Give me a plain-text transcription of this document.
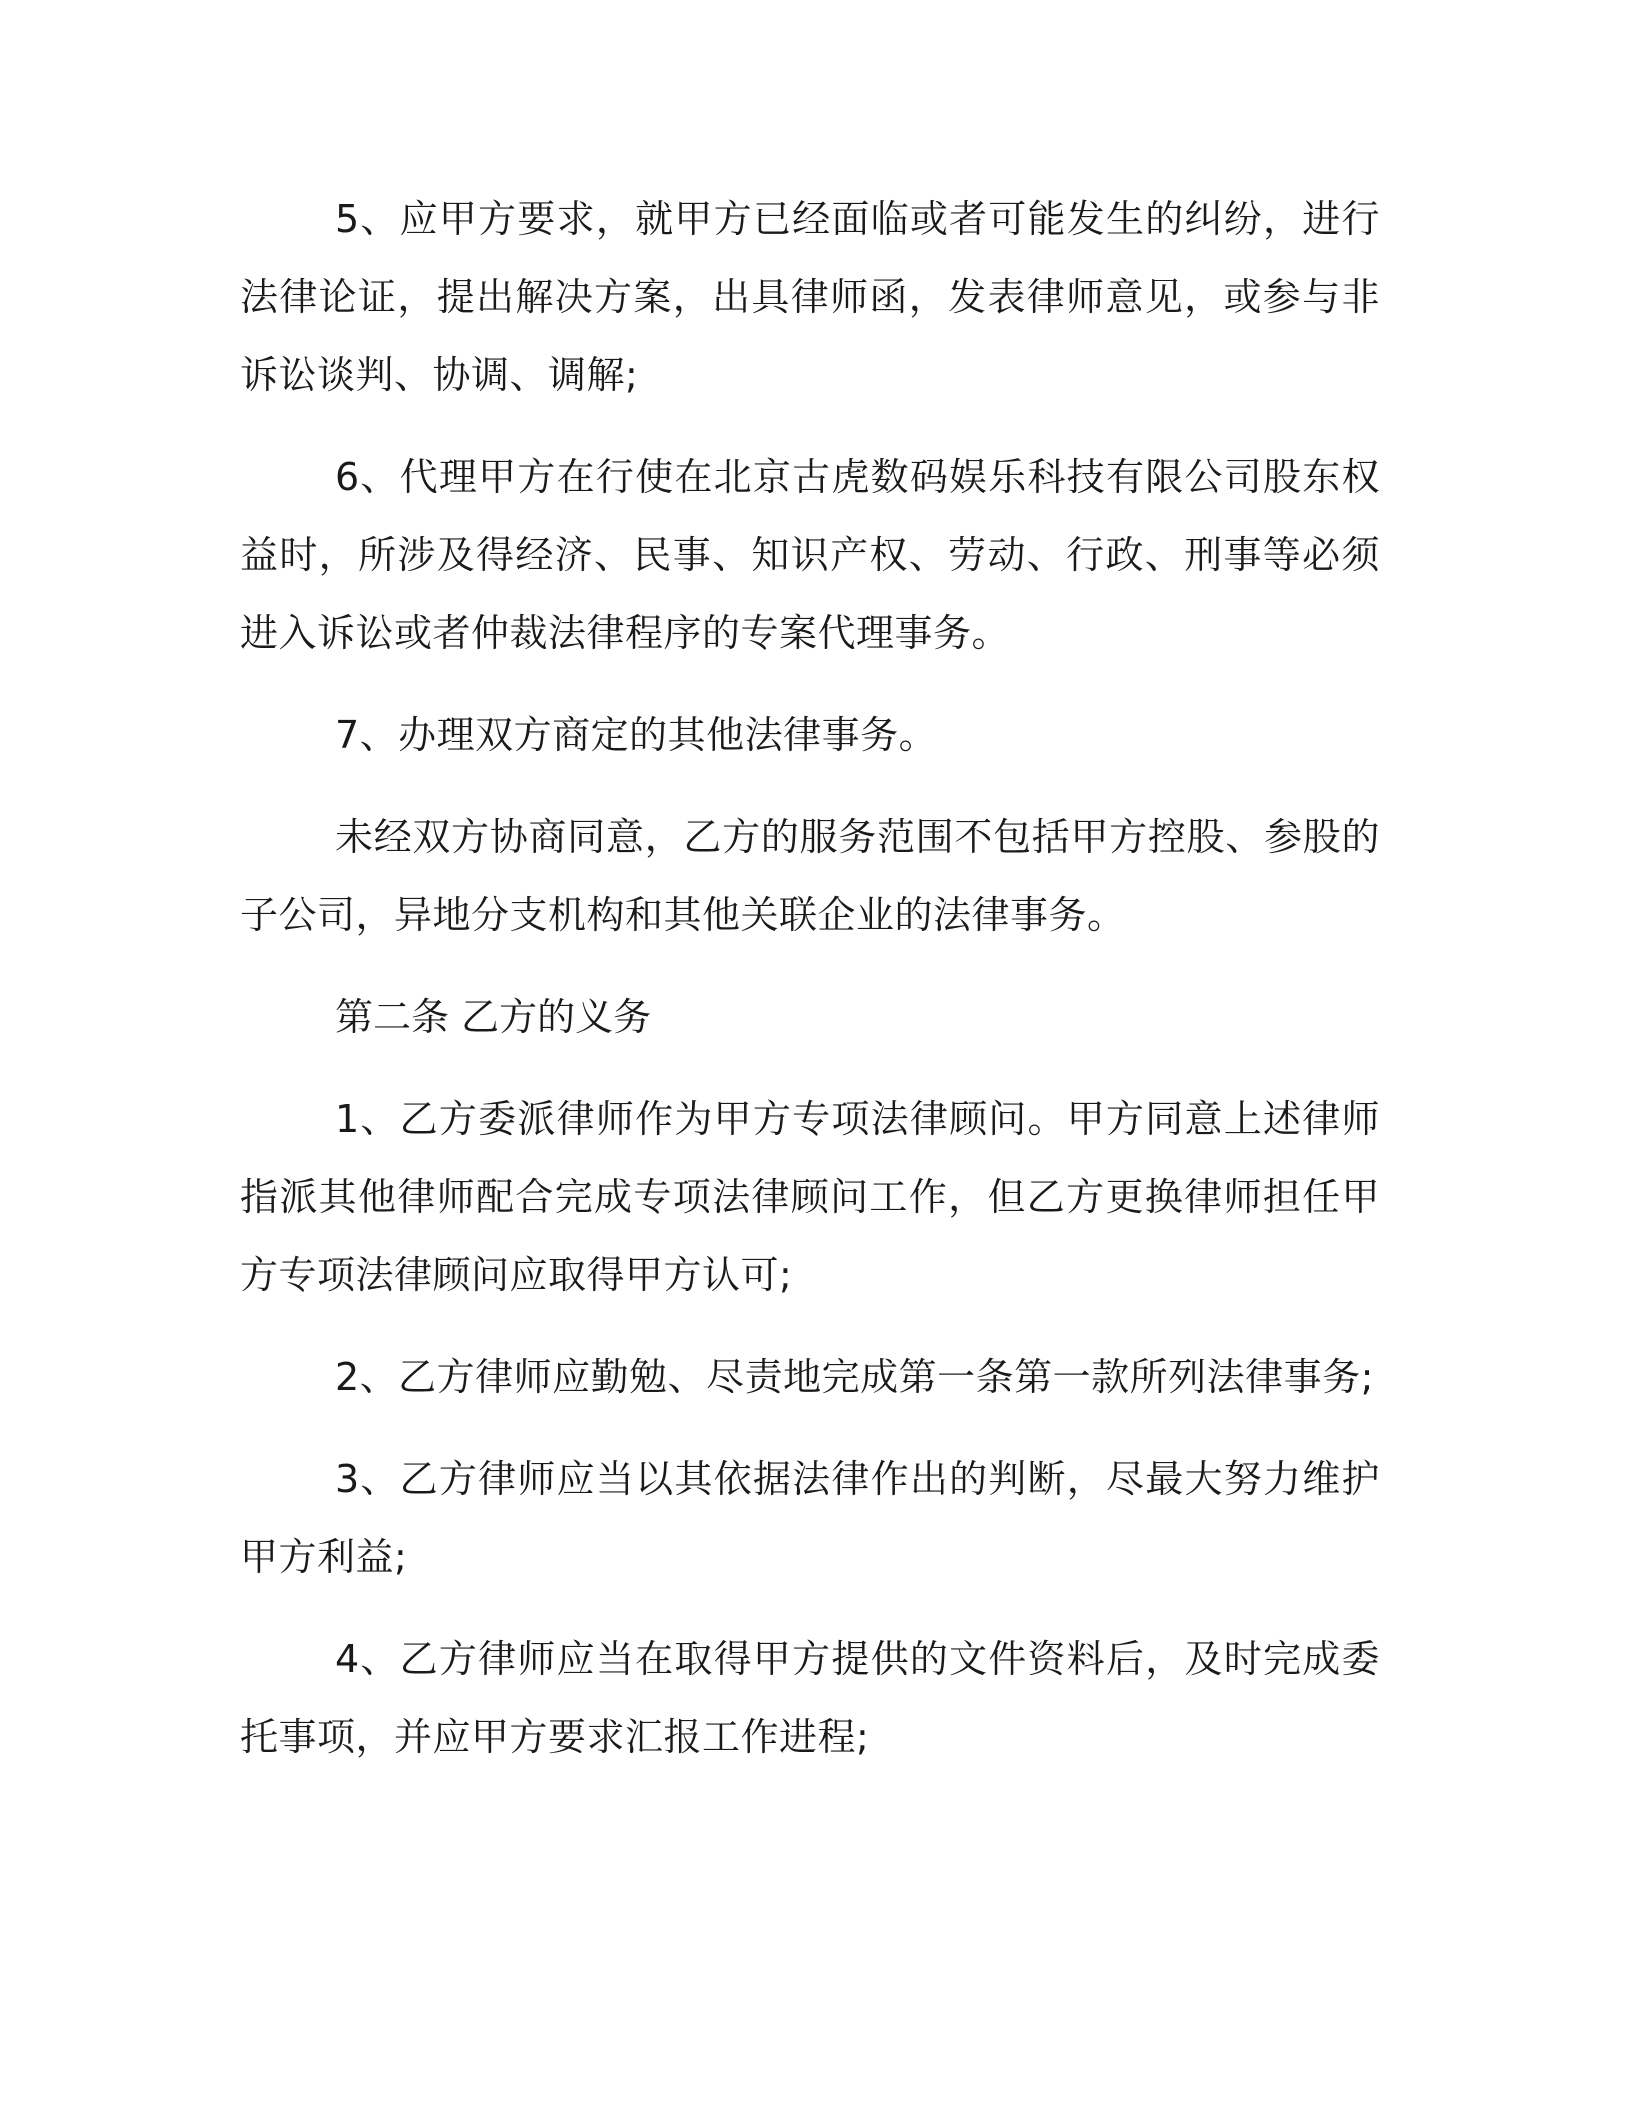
5、应甲方要求，就甲方已经面临或者可能发生的纠纷，进行法律论证，提出解决方案，出具律师函，发表律师意见，或参与非诉讼谈判、协调、调解;

6、代理甲方在行使在北京古虎数码娱乐科技有限公司股东权益时，所涉及得经济、民事、知识产权、劳动、行政、刑事等必须进入诉讼或者仲裁法律程序的专案代理事务。

7、办理双方商定的其他法律事务。

未经双方协商同意，乙方的服务范围不包括甲方控股、参股的子公司，异地分支机构和其他关联企业的法律事务。

第二条 乙方的义务

1、乙方委派律师作为甲方专项法律顾问。甲方同意上述律师指派其他律师配合完成专项法律顾问工作，但乙方更换律师担任甲方专项法律顾问应取得甲方认可;

2、乙方律师应勤勉、尽责地完成第一条第一款所列法律事务;

3、乙方律师应当以其依据法律作出的判断，尽最大努力维护甲方利益;

4、乙方律师应当在取得甲方提供的文件资料后，及时完成委托事项，并应甲方要求汇报工作进程;
